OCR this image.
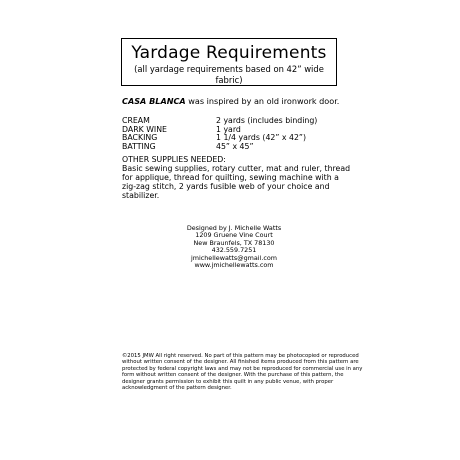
Yardage Requirements
(all yardage requirements based on 42” wide fabric)
CASA BLANCA was inspired by an old ironwork door.
CREAM	2 yards (includes binding)
DARK WINE	1 yard
BACKING	1 1/4 yards (42” x 42”)
BATTING	45” x 45”
OTHER SUPPLIES NEEDED:
Basic sewing supplies, rotary cutter, mat and ruler, thread for applique, thread for quilting, sewing machine with a zig-zag stitch, 2 yards fusible web of your choice and stabilizer.
Designed by J. Michelle Watts
1209 Gruene Vine Court
New Braunfels, TX 78130
432.559.7251
jmichellewatts@gmail.com
www.jmichellewatts.com
©2015 JMW All right reserved. No part of this pattern may be photocopied or reproduced without written consent of the designer. All finished items produced from this pattern are protected by federal copyright laws and may not be reproduced for commercial use in any form without written consent of the designer. With the purchase of this pattern, the designer grants permission to exhibit this quilt in any public venue, with proper acknowledgment of the pattern designer.
